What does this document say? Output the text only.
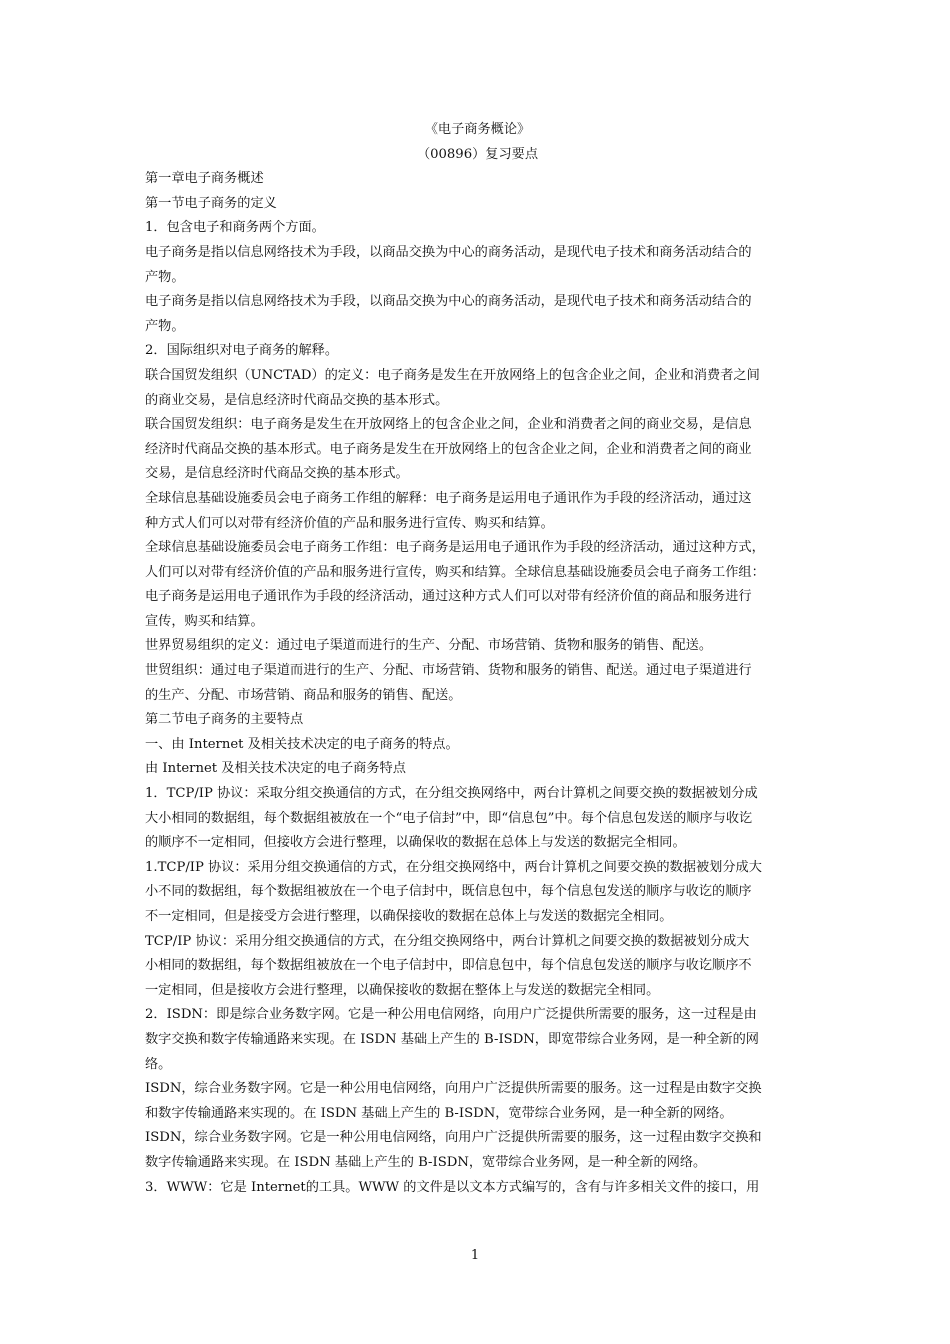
《电子商务概论》
（00896）复习要点
第一章电子商务概述
第一节电子商务的定义
1．包含电子和商务两个方面。
电子商务是指以信息网络技术为手段，以商品交换为中心的商务活动，是现代电子技术和商务活动结合的
产物。
电子商务是指以信息网络技术为手段，以商品交换为中心的商务活动，是现代电子技术和商务活动结合的
产物。
2．国际组织对电子商务的解释。
联合国贸发组织（UNCTAD）的定义：电子商务是发生在开放网络上的包含企业之间，企业和消费者之间
的商业交易，是信息经济时代商品交换的基本形式。
联合国贸发组织：电子商务是发生在开放网络上的包含企业之间，企业和消费者之间的商业交易，是信息
经济时代商品交换的基本形式。电子商务是发生在开放网络上的包含企业之间，企业和消费者之间的商业
交易，是信息经济时代商品交换的基本形式。
全球信息基础设施委员会电子商务工作组的解释：电子商务是运用电子通讯作为手段的经济活动，通过这
种方式人们可以对带有经济价值的产品和服务进行宣传、购买和结算。
全球信息基础设施委员会电子商务工作组：电子商务是运用电子通讯作为手段的经济活动，通过这种方式，
人们可以对带有经济价值的产品和服务进行宣传，购买和结算。全球信息基础设施委员会电子商务工作组：
电子商务是运用电子通讯作为手段的经济活动，通过这种方式人们可以对带有经济价值的商品和服务进行
宣传，购买和结算。
世界贸易组织的定义：通过电子渠道而进行的生产、分配、市场营销、货物和服务的销售、配送。
世贸组织：通过电子渠道而进行的生产、分配、市场营销、货物和服务的销售、配送。通过电子渠道进行
的生产、分配、市场营销、商品和服务的销售、配送。
第二节电子商务的主要特点
一、由 Internet 及相关技术决定的电子商务的特点。
由 Internet 及相关技术决定的电子商务特点
1．TCP/IP 协议：采取分组交换通信的方式，在分组交换网络中，两台计算机之间要交换的数据被划分成
大小相同的数据组，每个数据组被放在一个“电子信封”中，即“信息包”中。每个信息包发送的顺序与收讫
的顺序不一定相同，但接收方会进行整理，以确保收的数据在总体上与发送的数据完全相同。
1.TCP/IP 协议：采用分组交换通信的方式，在分组交换网络中，两台计算机之间要交换的数据被划分成大
小不同的数据组，每个数据组被放在一个电子信封中，既信息包中，每个信息包发送的顺序与收讫的顺序
不一定相同，但是接受方会进行整理，以确保接收的数据在总体上与发送的数据完全相同。
TCP/IP 协议：采用分组交换通信的方式，在分组交换网络中，两台计算机之间要交换的数据被划分成大
小相同的数据组，每个数据组被放在一个电子信封中，即信息包中，每个信息包发送的顺序与收讫顺序不
一定相同，但是接收方会进行整理，以确保接收的数据在整体上与发送的数据完全相同。
2．ISDN：即是综合业务数字网。它是一种公用电信网络，向用户广泛提供所需要的服务，这一过程是由
数字交换和数字传输通路来实现。在 ISDN 基础上产生的 B-ISDN，即宽带综合业务网，是一种全新的网
络。
ISDN，综合业务数字网。它是一种公用电信网络，向用户广泛提供所需要的服务。这一过程是由数字交换
和数字传输通路来实现的。在 ISDN 基础上产生的 B-ISDN，宽带综合业务网，是一种全新的网络。
ISDN，综合业务数字网。它是一种公用电信网络，向用户广泛提供所需要的服务，这一过程由数字交换和
数字传输通路来实现。在 ISDN 基础上产生的 B-ISDN，宽带综合业务网，是一种全新的网络。
3．WWW：它是 Internet的工具。WWW 的文件是以文本方式编写的，含有与许多相关文件的接口，用
1
